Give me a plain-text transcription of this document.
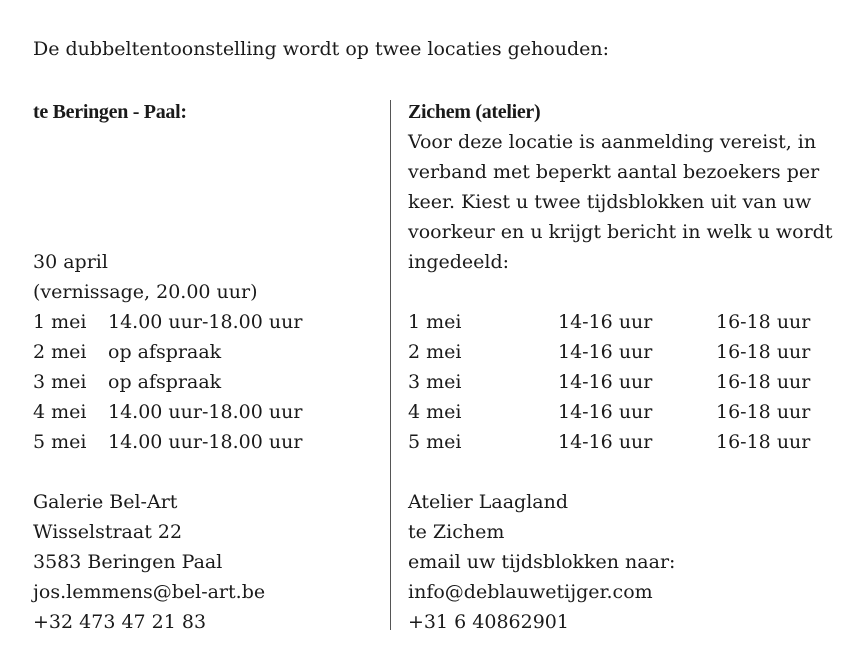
De dubbeltentoonstelling wordt op twee locaties gehouden:
te Beringen - Paal:
30 april
(vernissage, 20.00 uur)
1 mei	14.00 uur-18.00 uur
2 mei	op afspraak
3 mei	op afspraak
4 mei	14.00 uur-18.00 uur
5 mei	14.00 uur-18.00 uur
Galerie Bel-Art
Wisselstraat 22
3583 Beringen Paal
jos.lemmens@bel-art.be
+32 473 47 21 83
Zichem (atelier)
Voor deze locatie is aanmelding vereist, in
verband met beperkt aantal bezoekers per
keer. Kiest u twee tijdsblokken uit van uw
voorkeur en u krijgt bericht in welk u wordt
ingedeeld:
1 mei	14-16 uur	16-18 uur
2 mei	14-16 uur	16-18 uur
3 mei	14-16 uur	16-18 uur
4 mei	14-16 uur	16-18 uur
5 mei	14-16 uur	16-18 uur
Atelier Laagland
te Zichem
email uw tijdsblokken naar:
info@deblauwetijger.com
+31 6 40862901
